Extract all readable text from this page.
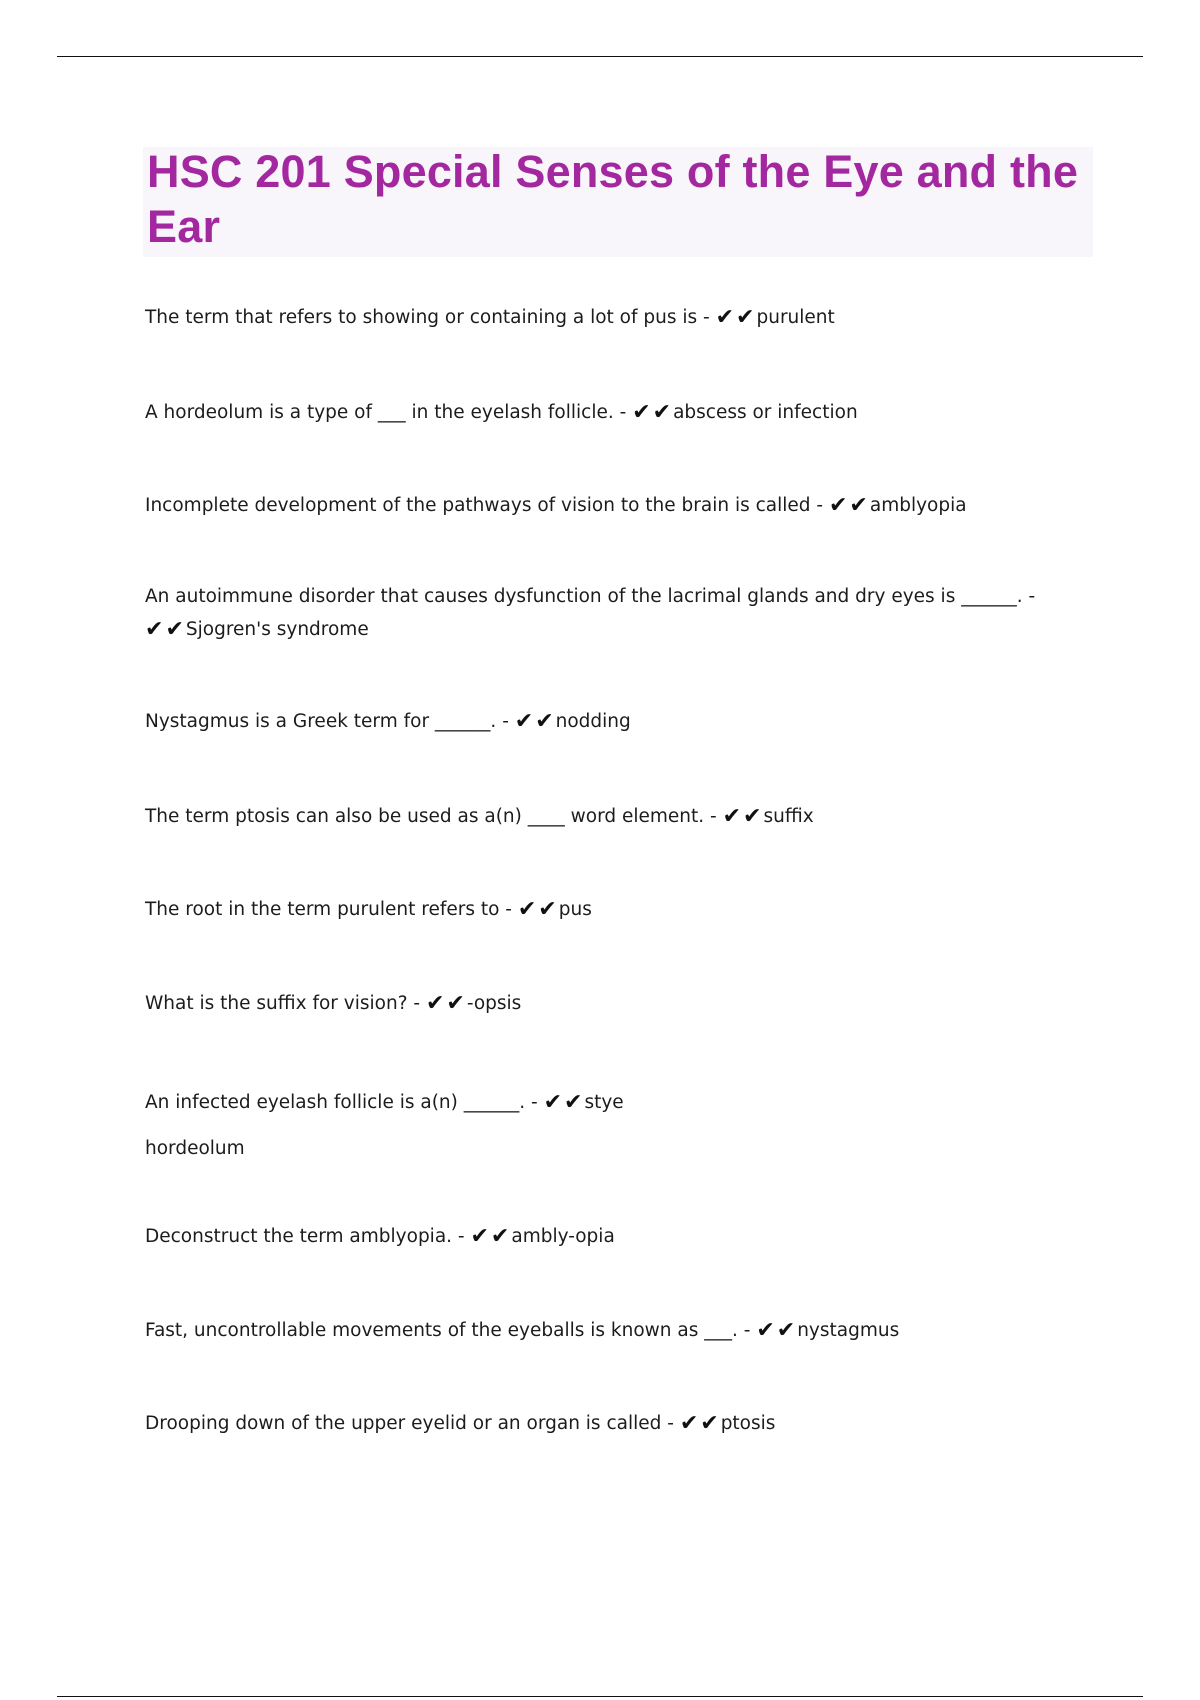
HSC 201 Special Senses of the Eye and the Ear

The term that refers to showing or containing a lot of pus is - ✔✔ purulent

A hordeolum is a type of ___ in the eyelash follicle. - ✔✔ abscess or infection

Incomplete development of the pathways of vision to the brain is called - ✔✔ amblyopia

An autoimmune disorder that causes dysfunction of the lacrimal glands and dry eyes is ______. - ✔✔ Sjogren's syndrome

Nystagmus is a Greek term for ______. - ✔✔ nodding

The term ptosis can also be used as a(n) ____ word element. - ✔✔ suffix

The root in the term purulent refers to - ✔✔ pus

What is the suffix for vision? - ✔✔ -opsis

An infected eyelash follicle is a(n) ______. - ✔✔ stye
hordeolum

Deconstruct the term amblyopia. - ✔✔ ambly-opia

Fast, uncontrollable movements of the eyeballs is known as ___. - ✔✔ nystagmus

Drooping down of the upper eyelid or an organ is called - ✔✔ ptosis
